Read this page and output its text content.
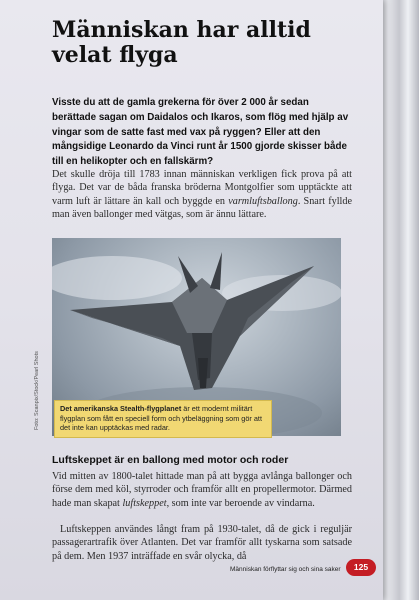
Människan har alltid velat flyga

Visste du att de gamla grekerna för över 2 000 år sedan berättade sagan om Daidalos och Ikaros, som flög med hjälp av vingar som de satte fast med vax på ryggen? Eller att den mångsidige Leonardo da Vinci runt år 1500 gjorde skisser både till en helikopter och en fallskärm?

Det skulle dröja till 1783 innan människan verkligen fick prova på att flyga. Det var de båda franska bröderna Montgolfier som upptäckte att varm luft är lättare än kall och byggde en varmluftsballong. Snart fyllde man även ballonger med vätgas, som är ännu lättare.

Foto: Scanpix/Stock/Pearl Shots	Det amerikanska Stealth-flygplanet är ett modernt militärt flygplan som fått en speciell form och ytbeläggning som gör att det inte kan upptäckas med radar.
Luftskeppet är en ballong med motor och roder

Vid mitten av 1800-talet hittade man på att bygga avlånga ballonger och förse dem med köl, styrroder och framför allt en propellermotor. Därmed hade man skapat luftskeppet, som inte var beroende av vindarna.

Luftskeppen användes långt fram på 1930-talet, då de gick i reguljär passagerartrafik över Atlanten. Det var framför allt tyskarna som satsade på dem. Men 1937 inträffade en svår olycka, då

Människan förflyttar sig och sina saker	125
